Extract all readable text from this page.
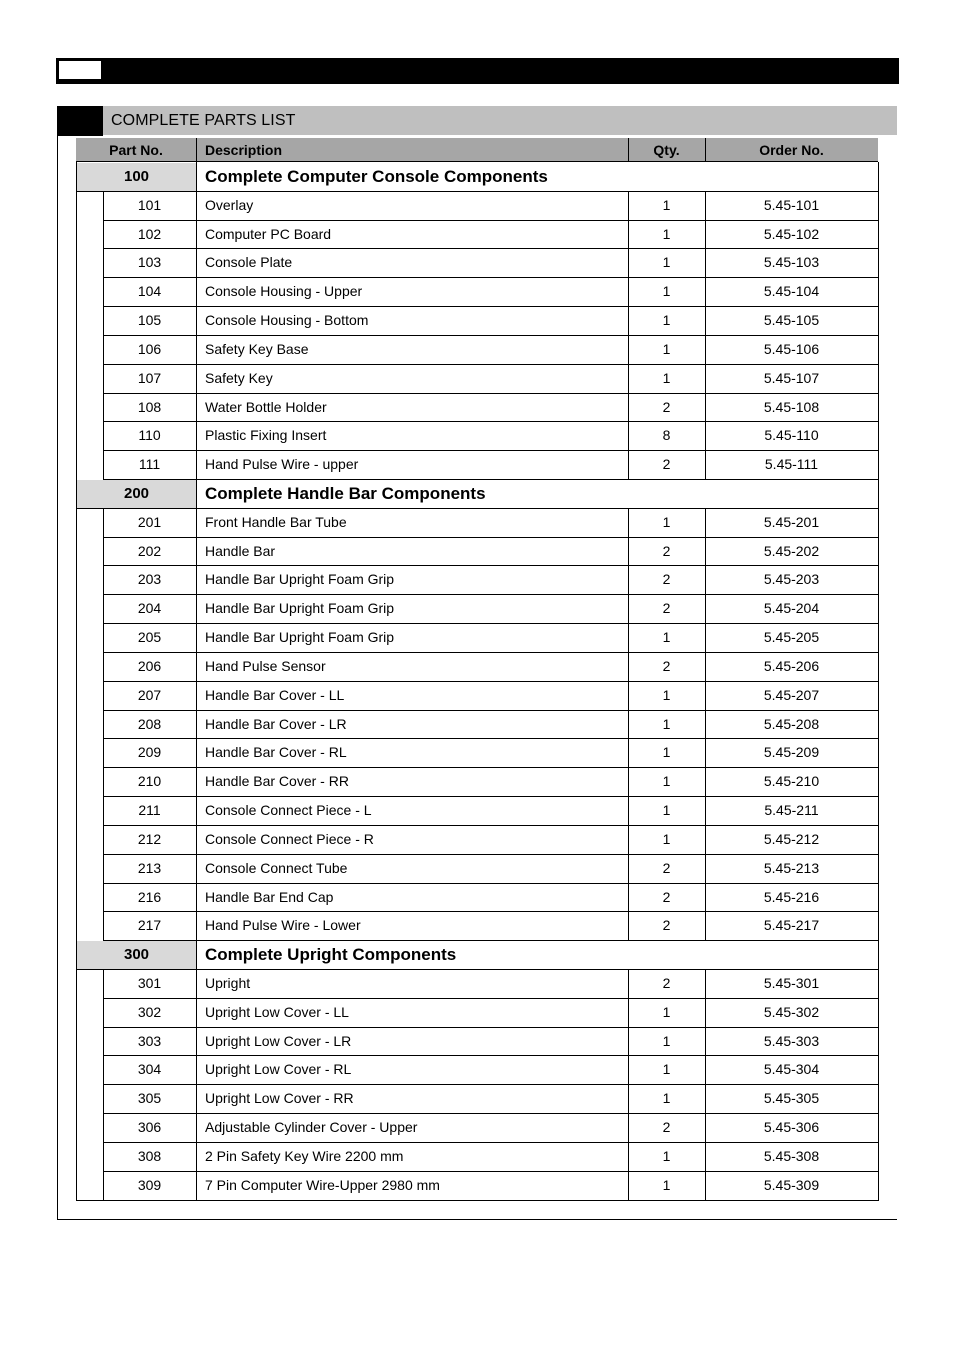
COMPLETE PARTS LIST
Part No.	Description	Qty.	Order No.
100	Complete Computer Console Components
101	Overlay	1	5.45-101
102	Computer PC Board	1	5.45-102
103	Console Plate	1	5.45-103
104	Console Housing - Upper	1	5.45-104
105	Console Housing - Bottom	1	5.45-105
106	Safety Key Base	1	5.45-106
107	Safety Key	1	5.45-107
108	Water Bottle Holder	2	5.45-108
110	Plastic Fixing Insert	8	5.45-110
111	Hand Pulse Wire - upper	2	5.45-111
200	Complete Handle Bar Components
201	Front Handle Bar Tube	1	5.45-201
202	Handle Bar	2	5.45-202
203	Handle Bar Upright Foam Grip	2	5.45-203
204	Handle Bar Upright Foam Grip	2	5.45-204
205	Handle Bar Upright Foam Grip	1	5.45-205
206	Hand Pulse Sensor	2	5.45-206
207	Handle Bar Cover - LL	1	5.45-207
208	Handle Bar Cover - LR	1	5.45-208
209	Handle Bar Cover - RL	1	5.45-209
210	Handle Bar Cover - RR	1	5.45-210
211	Console Connect Piece - L	1	5.45-211
212	Console Connect Piece - R	1	5.45-212
213	Console Connect Tube	2	5.45-213
216	Handle Bar End Cap	2	5.45-216
217	Hand Pulse Wire - Lower	2	5.45-217
300	Complete Upright Components
301	Upright	2	5.45-301
302	Upright Low Cover - LL	1	5.45-302
303	Upright Low Cover - LR	1	5.45-303
304	Upright Low Cover - RL	1	5.45-304
305	Upright Low Cover - RR	1	5.45-305
306	Adjustable Cylinder Cover - Upper	2	5.45-306
308	2 Pin Safety Key Wire 2200 mm	1	5.45-308
309	7 Pin Computer Wire-Upper 2980 mm	1	5.45-309
